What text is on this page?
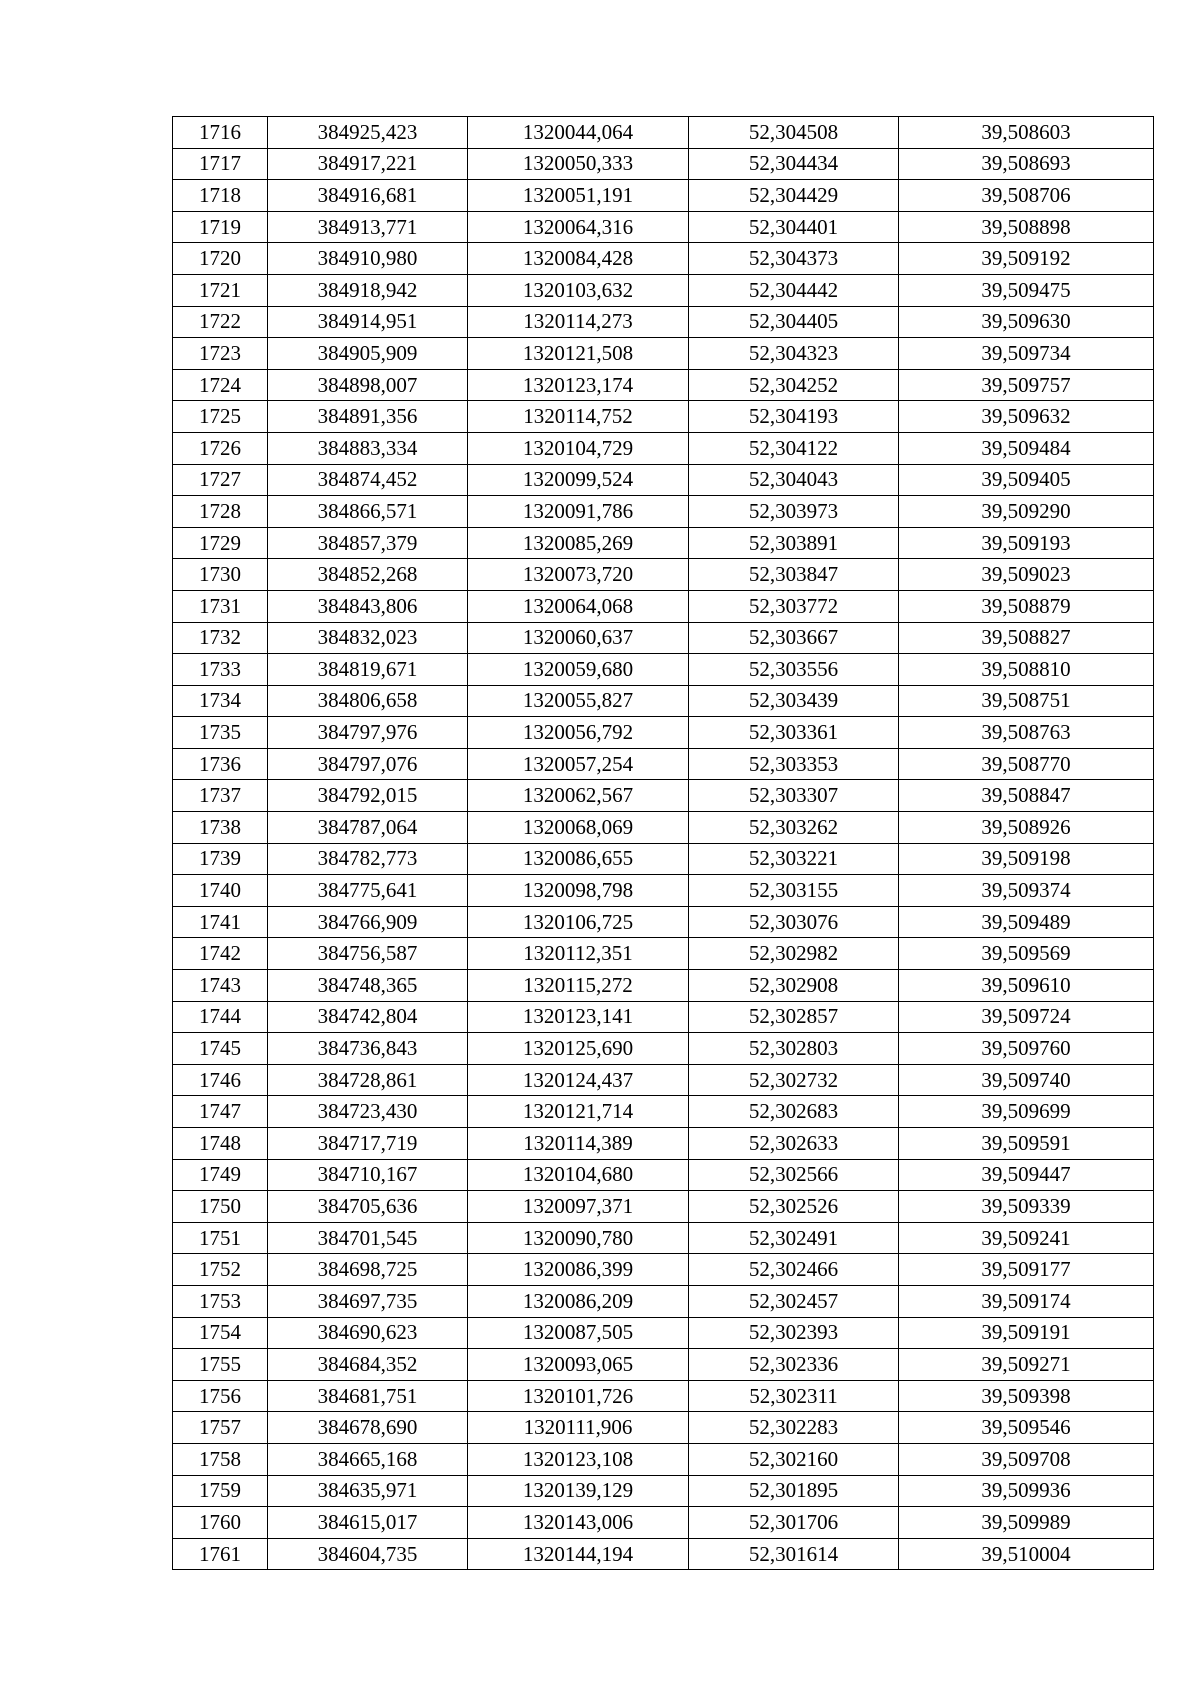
1716	384925,423	1320044,064	52,304508	39,508603
1717	384917,221	1320050,333	52,304434	39,508693
1718	384916,681	1320051,191	52,304429	39,508706
1719	384913,771	1320064,316	52,304401	39,508898
1720	384910,980	1320084,428	52,304373	39,509192
1721	384918,942	1320103,632	52,304442	39,509475
1722	384914,951	1320114,273	52,304405	39,509630
1723	384905,909	1320121,508	52,304323	39,509734
1724	384898,007	1320123,174	52,304252	39,509757
1725	384891,356	1320114,752	52,304193	39,509632
1726	384883,334	1320104,729	52,304122	39,509484
1727	384874,452	1320099,524	52,304043	39,509405
1728	384866,571	1320091,786	52,303973	39,509290
1729	384857,379	1320085,269	52,303891	39,509193
1730	384852,268	1320073,720	52,303847	39,509023
1731	384843,806	1320064,068	52,303772	39,508879
1732	384832,023	1320060,637	52,303667	39,508827
1733	384819,671	1320059,680	52,303556	39,508810
1734	384806,658	1320055,827	52,303439	39,508751
1735	384797,976	1320056,792	52,303361	39,508763
1736	384797,076	1320057,254	52,303353	39,508770
1737	384792,015	1320062,567	52,303307	39,508847
1738	384787,064	1320068,069	52,303262	39,508926
1739	384782,773	1320086,655	52,303221	39,509198
1740	384775,641	1320098,798	52,303155	39,509374
1741	384766,909	1320106,725	52,303076	39,509489
1742	384756,587	1320112,351	52,302982	39,509569
1743	384748,365	1320115,272	52,302908	39,509610
1744	384742,804	1320123,141	52,302857	39,509724
1745	384736,843	1320125,690	52,302803	39,509760
1746	384728,861	1320124,437	52,302732	39,509740
1747	384723,430	1320121,714	52,302683	39,509699
1748	384717,719	1320114,389	52,302633	39,509591
1749	384710,167	1320104,680	52,302566	39,509447
1750	384705,636	1320097,371	52,302526	39,509339
1751	384701,545	1320090,780	52,302491	39,509241
1752	384698,725	1320086,399	52,302466	39,509177
1753	384697,735	1320086,209	52,302457	39,509174
1754	384690,623	1320087,505	52,302393	39,509191
1755	384684,352	1320093,065	52,302336	39,509271
1756	384681,751	1320101,726	52,302311	39,509398
1757	384678,690	1320111,906	52,302283	39,509546
1758	384665,168	1320123,108	52,302160	39,509708
1759	384635,971	1320139,129	52,301895	39,509936
1760	384615,017	1320143,006	52,301706	39,509989
1761	384604,735	1320144,194	52,301614	39,510004
